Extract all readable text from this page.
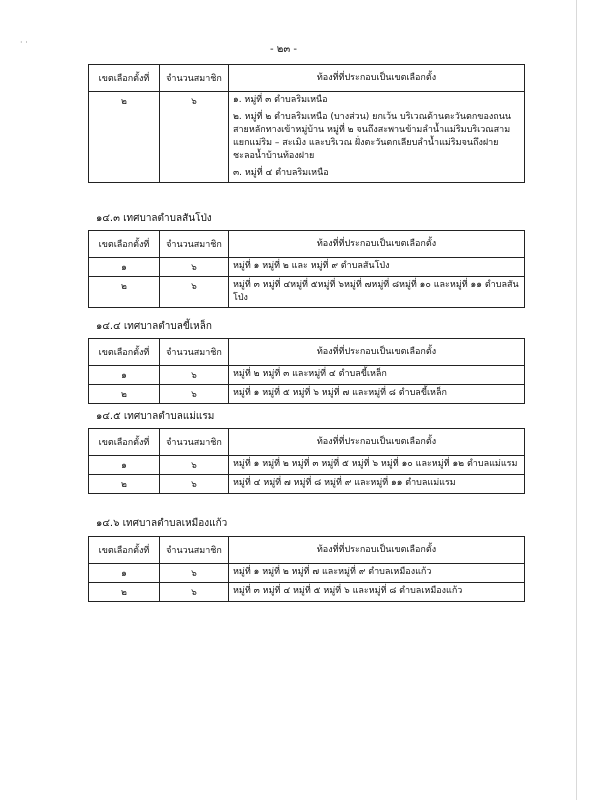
· ·
- ๒๓ -
เขตเลือกตั้งที่	จำนวนสมาชิก	ท้องที่ที่ประกอบเป็นเขตเลือกตั้ง
๒	๖	๑. หมู่ที่ ๓ ตำบลริมเหนือ
๒. หมู่ที่ ๒ ตำบลริมเหนือ (บางส่วน) ยกเว้น บริเวณด้านตะวันตกของถนนสายหลักทางเข้าหมู่บ้าน หมู่ที่ ๒ จนถึงสะพานข้ามลำน้ำแม่ริมบริเวณสามแยกแม่ริม – สะเมิง และบริเวณ ฝั่งตะวันตกเลียบลำน้ำแม่ริมจนถึงฝายชะลอน้ำบ้านท้องฝาย
๓. หมู่ที่ ๔ ตำบลริมเหนือ
๑๔.๓ เทศบาลตำบลสันโป่ง
เขตเลือกตั้งที่	จำนวนสมาชิก	ท้องที่ที่ประกอบเป็นเขตเลือกตั้ง
๑	๖	หมู่ที่ ๑ หมู่ที่ ๒ และ หมู่ที่ ๙ ตำบลสันโป่ง
๒	๖	หมู่ที่ ๓ หมู่ที่ ๔หมู่ที่ ๕หมู่ที่ ๖หมู่ที่ ๗หมู่ที่ ๘หมู่ที่ ๑๐ และหมู่ที่ ๑๑ ตำบลสันโป่ง
๑๔.๔ เทศบาลตำบลขี้เหล็ก
เขตเลือกตั้งที่	จำนวนสมาชิก	ท้องที่ที่ประกอบเป็นเขตเลือกตั้ง
๑	๖	หมู่ที่ ๒ หมู่ที่ ๓ และหมู่ที่ ๔ ตำบลขี้เหล็ก
๒	๖	หมู่ที่ ๑ หมู่ที่ ๕ หมู่ที่ ๖ หมู่ที่ ๗ และหมู่ที่ ๘ ตำบลขี้เหล็ก
๑๔.๕ เทศบาลตำบลแม่แรม
เขตเลือกตั้งที่	จำนวนสมาชิก	ท้องที่ที่ประกอบเป็นเขตเลือกตั้ง
๑	๖	หมู่ที่ ๑ หมู่ที่ ๒ หมู่ที่ ๓ หมู่ที่ ๕ หมู่ที่ ๖ หมู่ที่ ๑๐ และหมู่ที่ ๑๒ ตำบลแม่แรม
๒	๖	หมู่ที่ ๔ หมู่ที่ ๗ หมู่ที่ ๘ หมู่ที่ ๙ และหมู่ที่ ๑๑ ตำบลแม่แรม
๑๔.๖ เทศบาลตำบลเหมืองแก้ว
เขตเลือกตั้งที่	จำนวนสมาชิก	ท้องที่ที่ประกอบเป็นเขตเลือกตั้ง
๑	๖	หมู่ที่ ๑ หมู่ที่ ๒ หมู่ที่ ๗ และหมู่ที่ ๙ ตำบลเหมืองแก้ว
๒	๖	หมู่ที่ ๓ หมู่ที่ ๔ หมู่ที่ ๕ หมู่ที่ ๖ และหมู่ที่ ๘ ตำบลเหมืองแก้ว
